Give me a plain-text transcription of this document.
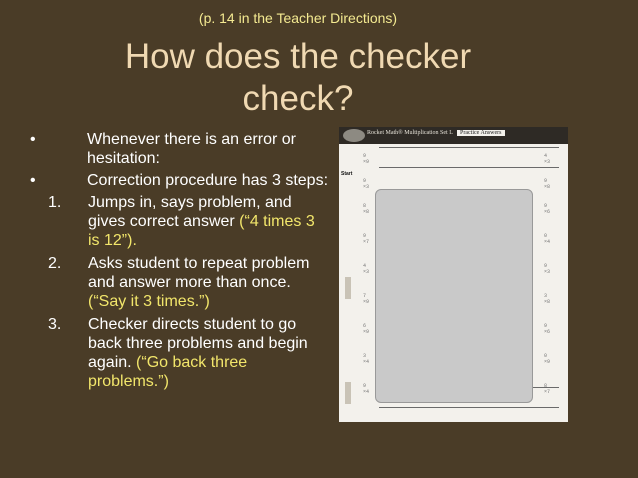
(p. 14 in the Teacher Directions)
How does the checker
check?
•	Whenever there is an error or hesitation:
•	Correction procedure has 3 steps:
1.	Jumps in, says problem, and gives correct answer (“4 times 3 is 12”).
2.	Asks student to repeat problem and answer more than once. (“Say it 3 times.”)
3.	Checker directs student to go back three problems and begin again. (“Go back three problems.”)
Rocket Math® Multiplication Set L	Practice Answers
Start
9
×9
9
×3
8
×8
9
×7
4
×3
7
×9
6
×9
3
×4
9
×4
4
×3
9
×8
9
×6
0
×4
9
×3
3
×8
9
×6
0
×9
8
×7
